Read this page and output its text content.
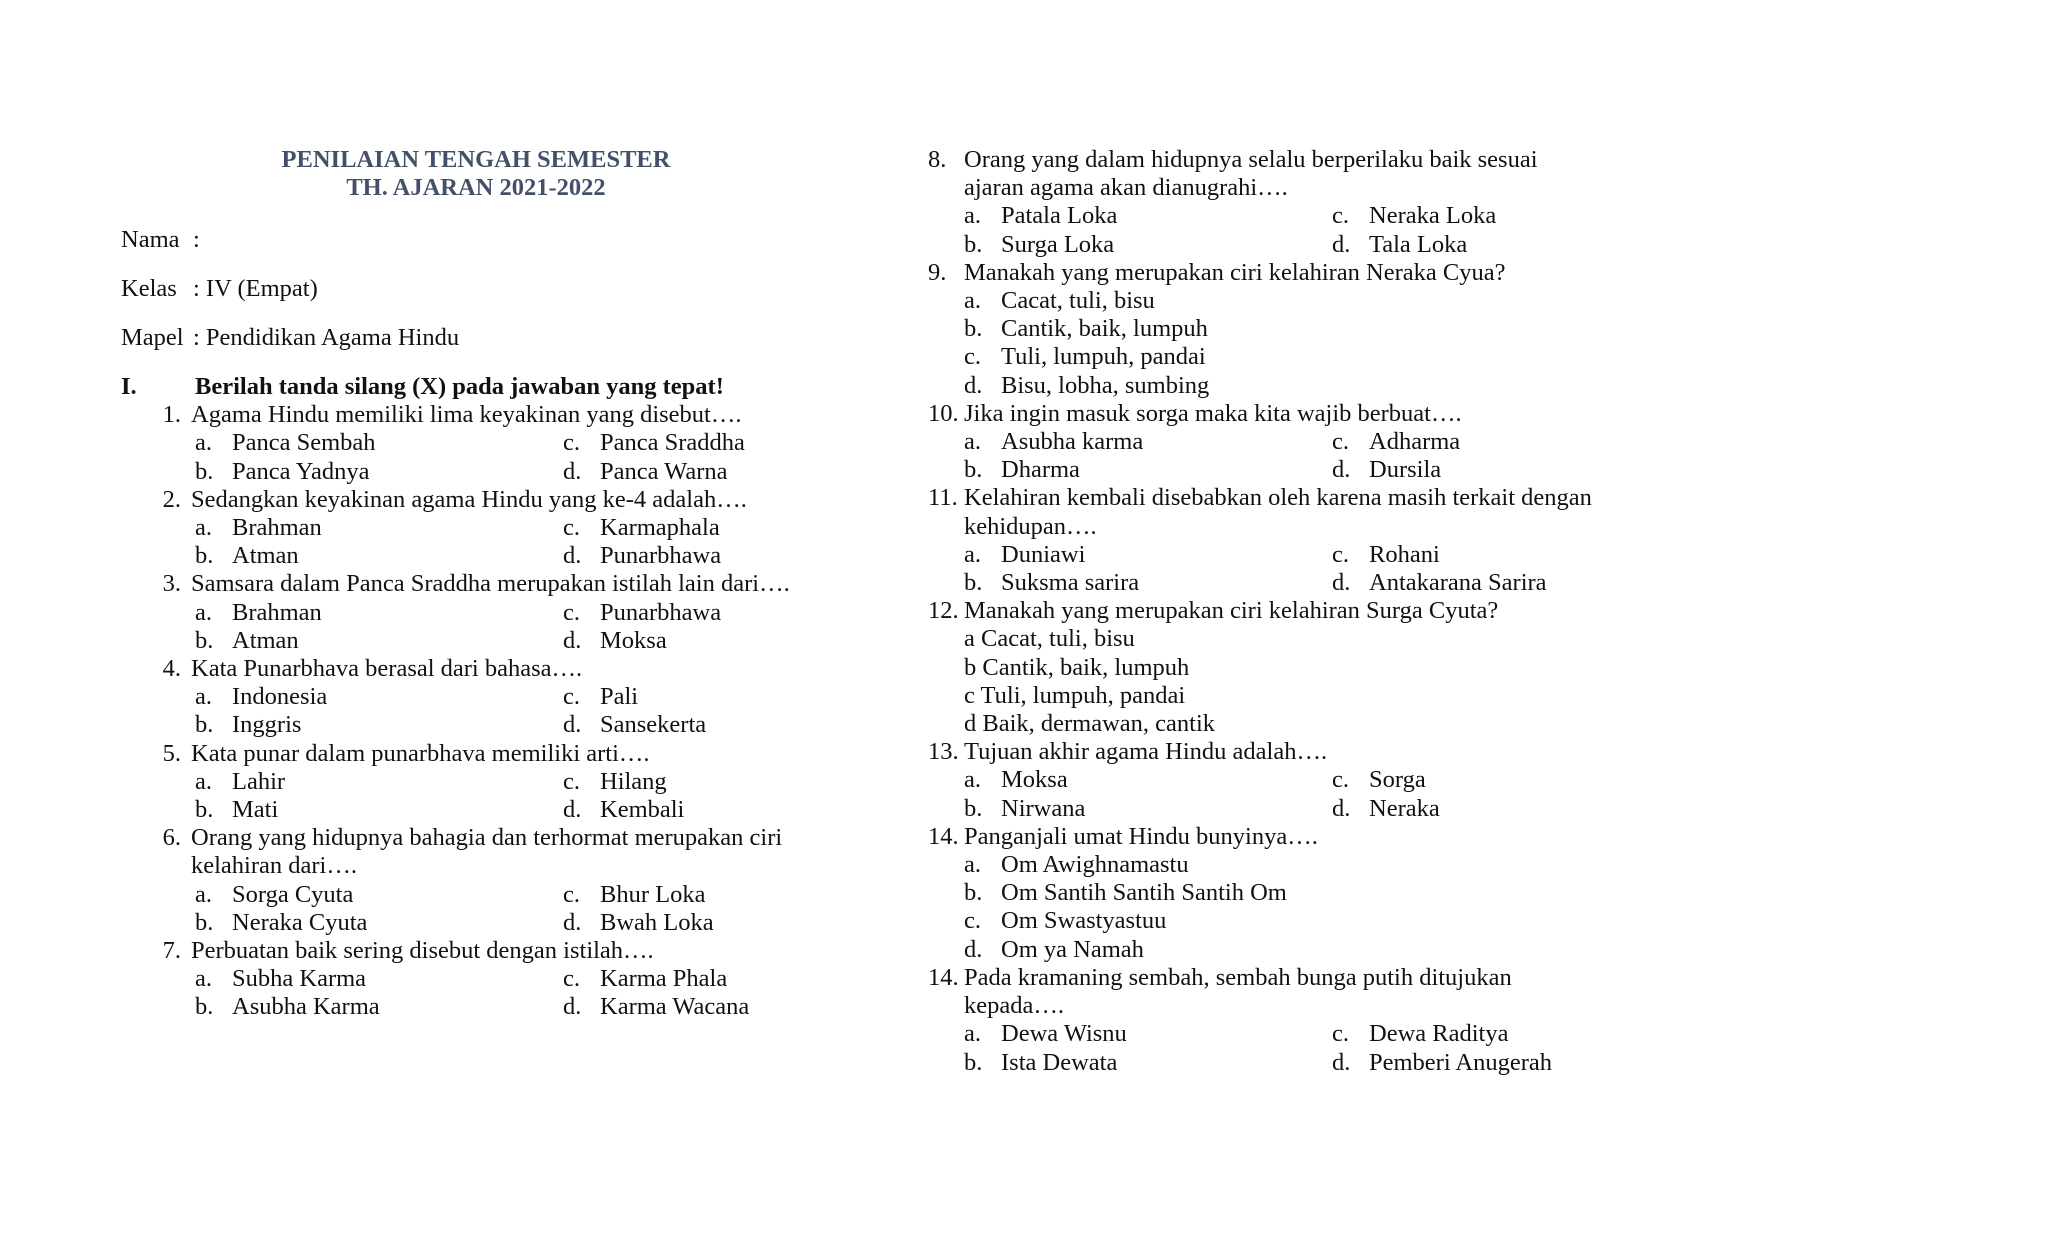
PENILAIAN TENGAH SEMESTER
TH. AJARAN 2021-2022
Nama :
Kelas : IV (Empat)
Mapel : Pendidikan Agama Hindu
I.	Berilah tanda silang (X) pada jawaban yang tepat!
1. Agama Hindu memiliki lima keyakinan yang disebut….
a. Panca Sembah	c. Panca Sraddha
b. Panca Yadnya	d. Panca Warna
2. Sedangkan keyakinan agama Hindu yang ke-4 adalah….
a. Brahman	c. Karmaphala
b. Atman	d. Punarbhawa
3. Samsara dalam Panca Sraddha merupakan istilah lain dari….
a. Brahman	c. Punarbhawa
b. Atman	d. Moksa
4. Kata Punarbhava berasal dari bahasa….
a. Indonesia	c. Pali
b. Inggris	d. Sansekerta
5. Kata punar dalam punarbhava memiliki arti….
a. Lahir	c. Hilang
b. Mati	d. Kembali
6. Orang yang hidupnya bahagia dan terhormat merupakan ciri
kelahiran dari….
a. Sorga Cyuta	c. Bhur Loka
b. Neraka Cyuta	d. Bwah Loka
7. Perbuatan baik sering disebut dengan istilah….
a. Subha Karma	c. Karma Phala
b. Asubha Karma	d. Karma Wacana
8. Orang yang dalam hidupnya selalu berperilaku baik sesuai
ajaran agama akan dianugrahi….
a. Patala Loka	c. Neraka Loka
b. Surga Loka	d. Tala Loka
9. Manakah yang merupakan ciri kelahiran Neraka Cyua?
a. Cacat, tuli, bisu
b. Cantik, baik, lumpuh
c. Tuli, lumpuh, pandai
d. Bisu, lobha, sumbing
10. Jika ingin masuk sorga maka kita wajib berbuat….
a. Asubha karma	c. Adharma
b. Dharma	d. Dursila
11. Kelahiran kembali disebabkan oleh karena masih terkait dengan
kehidupan….
a. Duniawi	c. Rohani
b. Suksma sarira	d. Antakarana Sarira
12. Manakah yang merupakan ciri kelahiran Surga Cyuta?
a Cacat, tuli, bisu
b Cantik, baik, lumpuh
c Tuli, lumpuh, pandai
d Baik, dermawan, cantik
13. Tujuan akhir agama Hindu adalah….
a. Moksa	c. Sorga
b. Nirwana	d. Neraka
14. Panganjali umat Hindu bunyinya….
a. Om Awighnamastu
b. Om Santih Santih Santih Om
c. Om Swastyastuu
d. Om ya Namah
14. Pada kramaning sembah, sembah bunga putih ditujukan
kepada….
a. Dewa Wisnu	c. Dewa Raditya
b. Ista Dewata	d. Pemberi Anugerah
